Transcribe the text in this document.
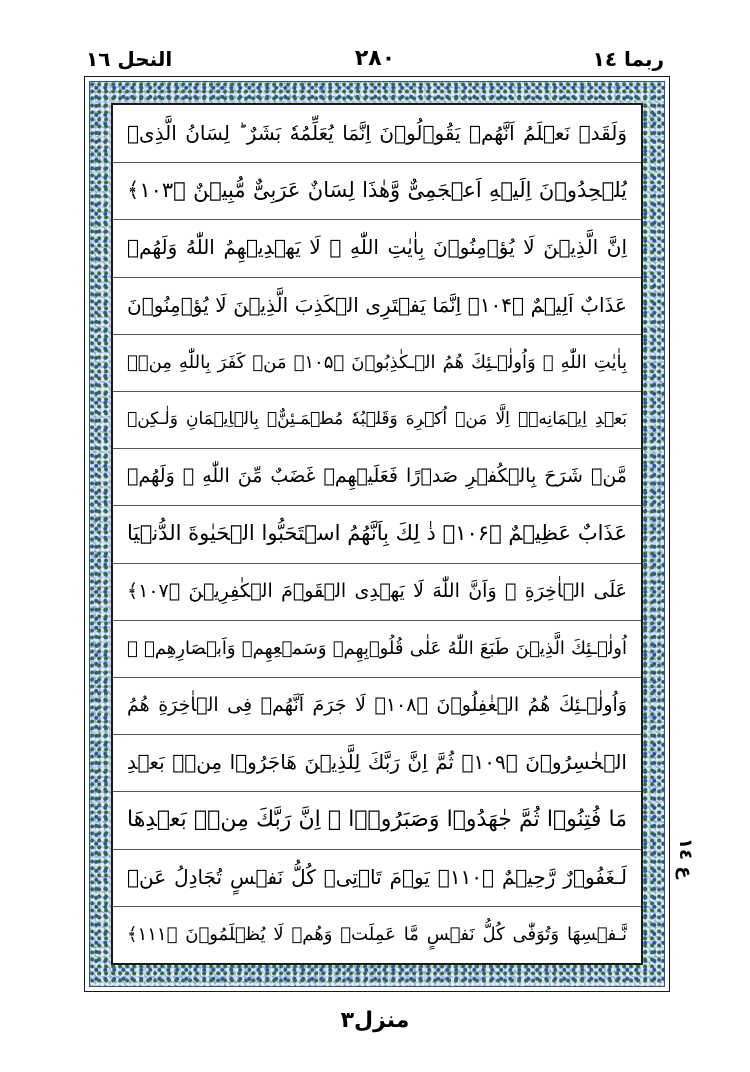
النحل ١٦	٢٨٠	ربما ١٤
وَلَقَدۡ نَعۡلَمُ اَنَّهُمۡ يَقُوۡلُوۡنَ اِنَّمَا يُعَلِّمُهٗ بَشَرٌ ؕ لِسَانُ الَّذِىۡ
يُلۡحِدُوۡنَ اِلَيۡهِ اَعۡجَمِىٌّ وَّهٰذَا لِسَانٌ عَرَبِىٌّ مُّبِيۡنٌ ﴿۱۰۳﴾
اِنَّ الَّذِيۡنَ لَا يُؤۡمِنُوۡنَ بِاٰيٰتِ اللّٰهِ ۙ لَا يَهۡدِيۡهِمُ اللّٰهُ وَلَهُمۡ
عَذَابٌ اَلِيۡمٌ ﴿۱۰۴﴾ اِنَّمَا يَفۡتَرِى الۡكَذِبَ الَّذِيۡنَ لَا يُؤۡمِنُوۡنَ
بِاٰيٰتِ اللّٰهِ ۚ وَاُولٰۤـئِكَ هُمُ الۡـكٰذِبُوۡنَ ﴿۱۰۵﴾ مَنۡ كَفَرَ بِاللّٰهِ مِنۡۢ
بَعۡدِ اِيۡمَانِهٖۤ اِلَّا مَنۡ اُكۡرِهَ وَقَلۡبُهٗ مُطۡمَـئِنٌّۢ بِالۡاِيۡمَانِ وَلٰـكِنۡ
مَّنۡ شَرَحَ بِالۡكُفۡرِ صَدۡرًا فَعَلَيۡهِمۡ غَضَبٌ مِّنَ اللّٰهِ ۚ وَلَهُمۡ
عَذَابٌ عَظِيۡمٌ ﴿۱۰۶﴾ ذٰ لِكَ بِاَنَّهُمُ اسۡتَحَبُّوا الۡحَيٰوةَ الدُّنۡيَا
عَلَى الۡاٰخِرَةِ ۙ وَاَنَّ اللّٰهَ لَا يَهۡدِى الۡقَوۡمَ الۡكٰفِرِيۡنَ ﴿۱۰۷﴾
اُولٰۤـئِكَ الَّذِيۡنَ طَبَعَ اللّٰهُ عَلٰى قُلُوۡبِهِمۡ وَسَمۡعِهِمۡ وَاَبۡصَارِهِمۡ ۚ
وَاُولٰۤـئِكَ هُمُ الۡغٰفِلُوۡنَ ﴿۱۰۸﴾ لَا جَرَمَ اَنَّهُمۡ فِى الۡاٰخِرَةِ هُمُ
الۡخٰسِرُوۡنَ ﴿۱۰۹﴾ ثُمَّ اِنَّ رَبَّكَ لِلَّذِيۡنَ هَاجَرُوۡا مِنۡۢ بَعۡدِ
مَا فُتِنُوۡا ثُمَّ جٰهَدُوۡا وَصَبَرُوۡۤا ۙ اِنَّ رَبَّكَ مِنۡۢ بَعۡدِهَا
لَـغَفُوۡرٌ رَّحِيۡمٌ ﴿۱۱۰﴾ يَوۡمَ تَاۡتِىۡ كُلُّ نَفۡسٍ تُجَادِلُ عَنۡ
نَّـفۡسِهَا وَتُوَفّٰى كُلُّ نَفۡسٍ مَّا عَمِلَتۡ وَهُمۡ لَا يُظۡلَمُوۡنَ ﴿۱۱۱﴾
ع ١٤
منزل٣
